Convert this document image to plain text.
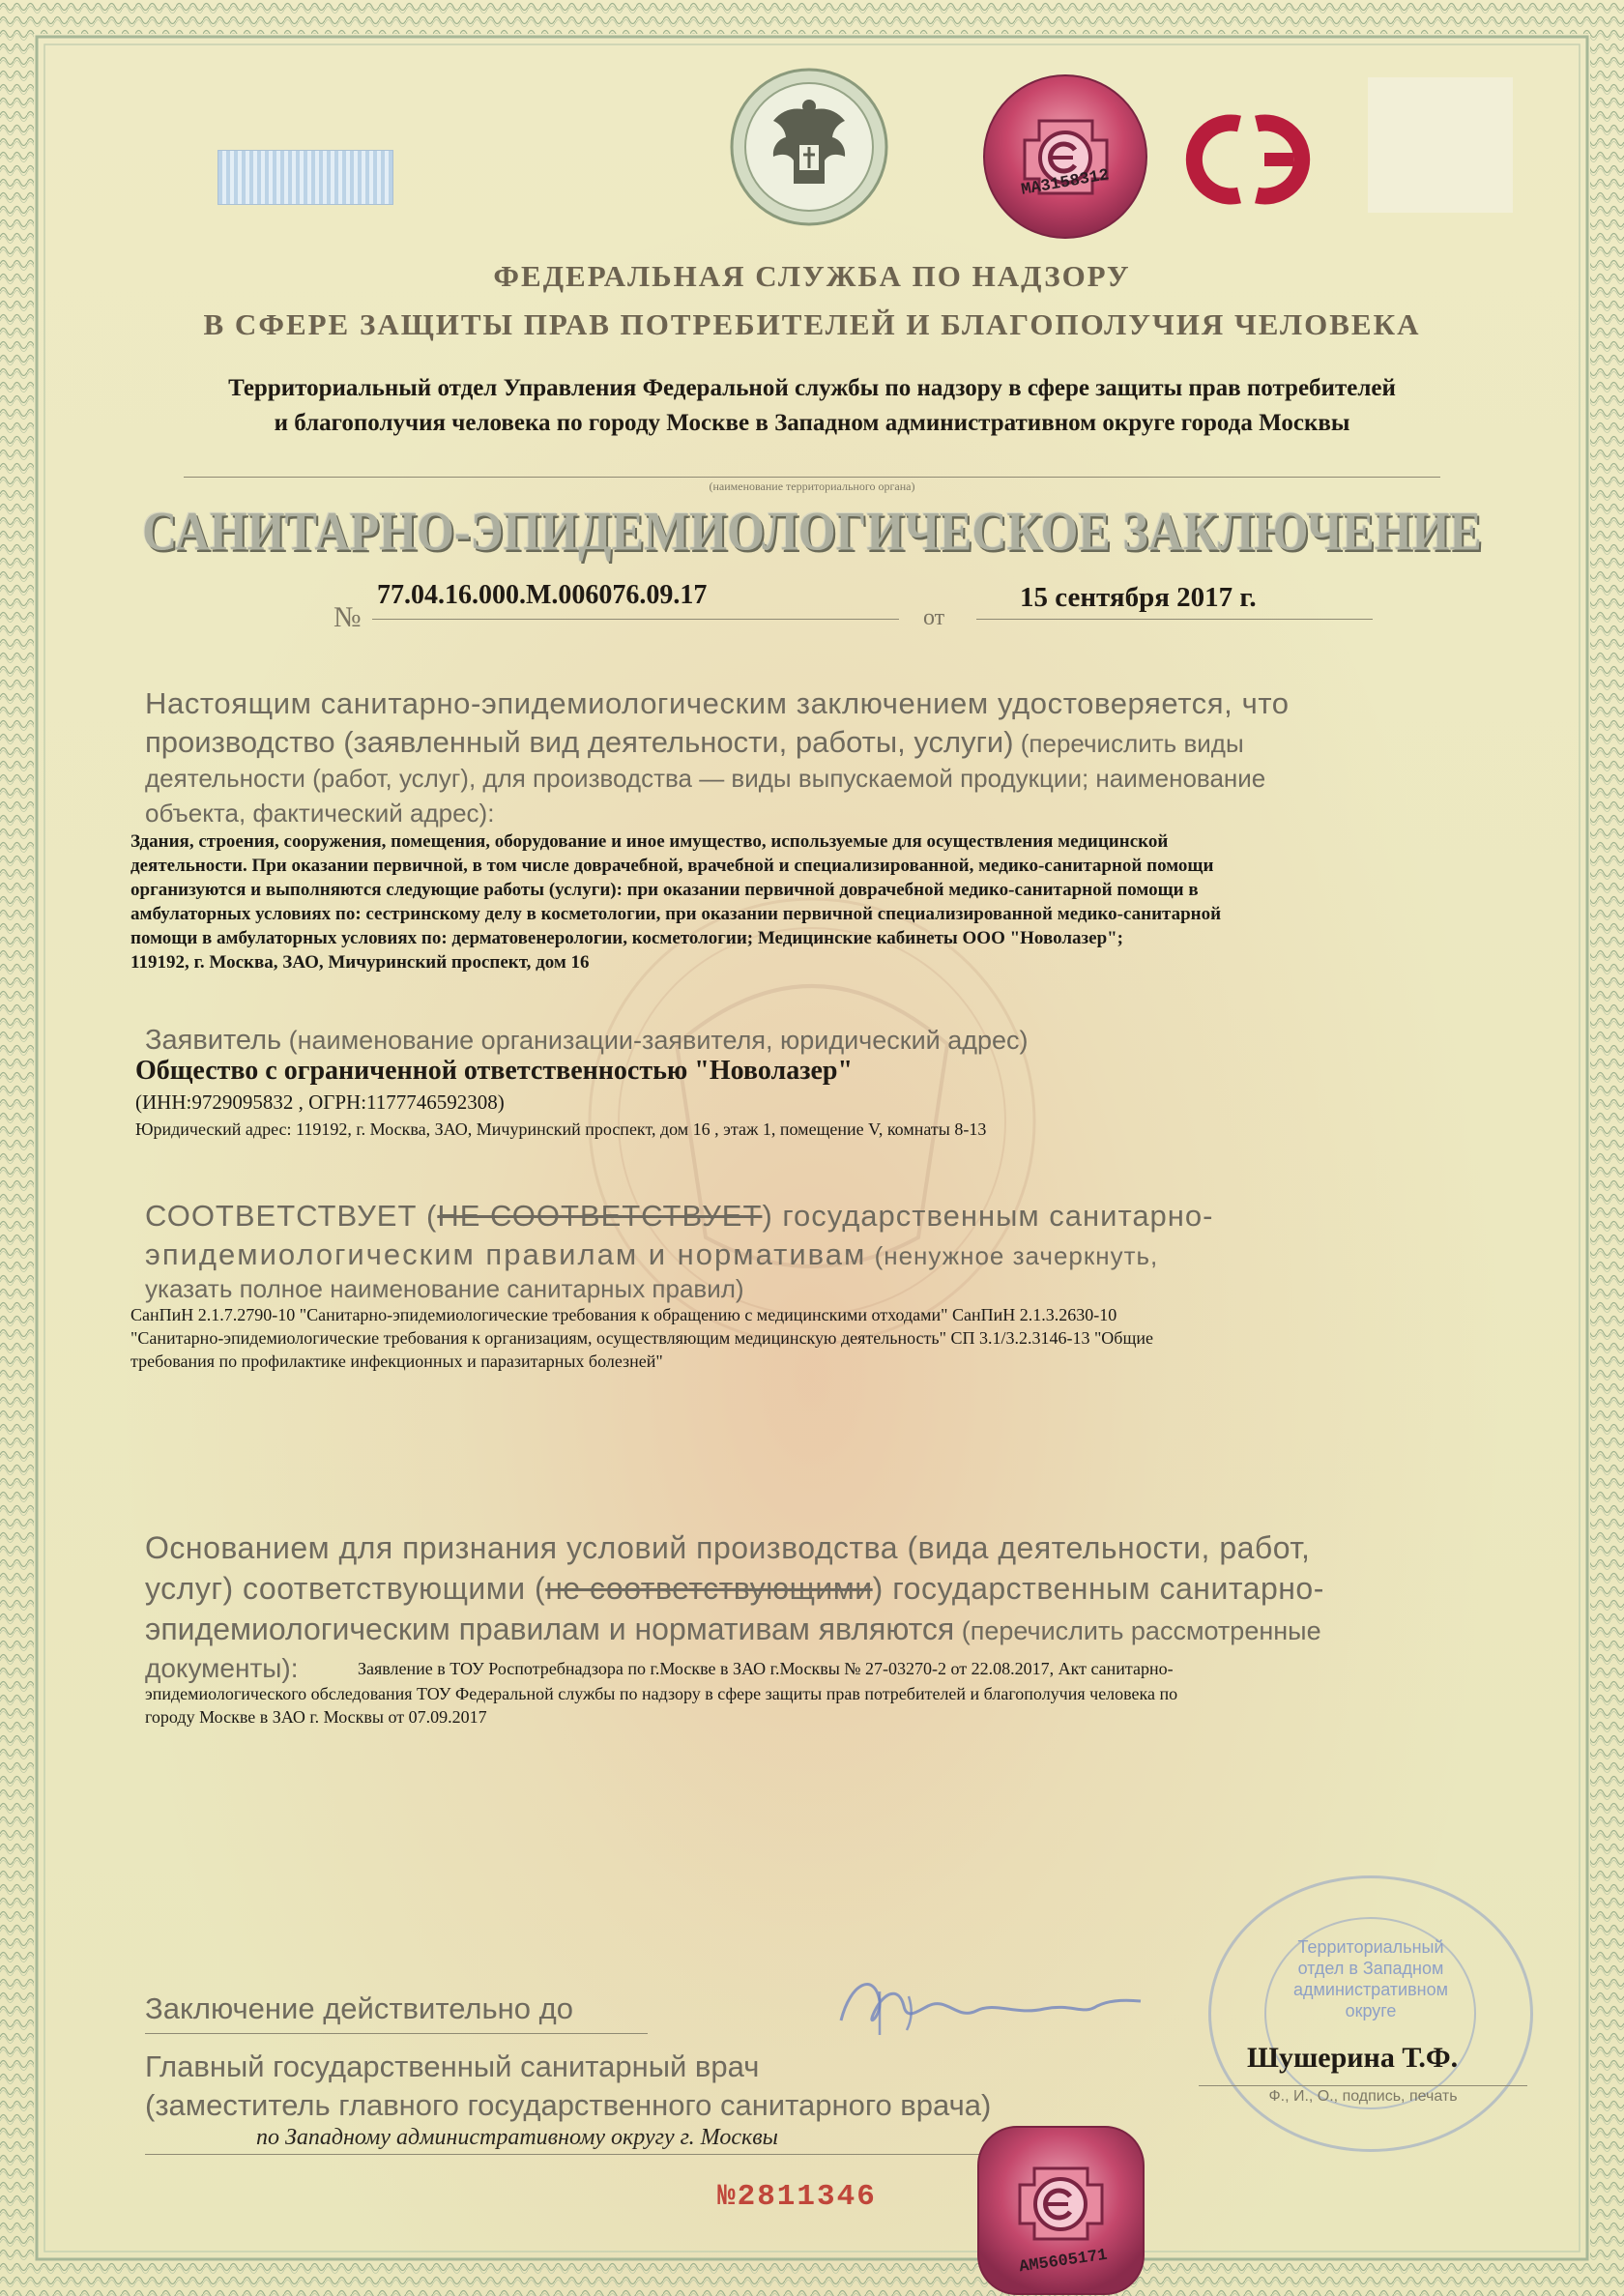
МА3158312
ФЕДЕРАЛЬНАЯ СЛУЖБА ПО НАДЗОРУ
В СФЕРЕ ЗАЩИТЫ ПРАВ ПОТРЕБИТЕЛЕЙ И БЛАГОПОЛУЧИЯ ЧЕЛОВЕКА
Территориальный отдел Управления Федеральной службы по надзору в сфере защиты прав потребителей
и благополучия человека по городу Москве в Западном административном округе города Москвы
(наименование территориального органа)
САНИТАРНО-ЭПИДЕМИОЛОГИЧЕСКОЕ ЗАКЛЮЧЕНИЕ
№
77.04.16.000.М.006076.09.17
от
15 сентября 2017 г.
Настоящим санитарно-эпидемиологическим заключением удостоверяется, что
производство (заявленный вид деятельности, работы, услуги) (перечислить виды
деятельности (работ, услуг), для производства — виды выпускаемой продукции; наименование
объекта, фактический адрес):
Здания, строения, сооружения, помещения, оборудование и иное имущество, используемые для осуществления медицинской
деятельности. При оказании первичной, в том числе доврачебной, врачебной и специализированной, медико-санитарной помощи
организуются и выполняются следующие работы (услуги): при оказании первичной доврачебной медико-санитарной помощи в
амбулаторных условиях по: сестринскому делу в косметологии, при оказании первичной специализированной медико-санитарной
помощи в амбулаторных условиях по: дерматовенерологии, косметологии; Медицинские кабинеты ООО "Новолазер";
119192, г. Москва, ЗАО, Мичуринский проспект, дом 16
Заявитель (наименование организации-заявителя, юридический адрес)
Общество с ограниченной ответственностью "Новолазер"
(ИНН:9729095832 , ОГРН:1177746592308)
Юридический адрес: 119192, г. Москва, ЗАО, Мичуринский проспект, дом 16 , этаж 1, помещение V, комнаты 8-13
СООТВЕТСТВУЕТ (НЕ СООТВЕТСТВУЕТ) государственным санитарно-
эпидемиологическим правилам и нормативам (ненужное зачеркнуть,
указать полное наименование санитарных правил)
СанПиН 2.1.7.2790-10 "Санитарно-эпидемиологические требования к обращению с медицинскими отходами" СанПиН 2.1.3.2630-10
"Санитарно-эпидемиологические требования к организациям, осуществляющим медицинскую деятельность" СП 3.1/3.2.3146-13 "Общие
требования по профилактике инфекционных и паразитарных болезней"
Основанием для признания условий производства (вида деятельности, работ,
услуг) соответствующими (не соответствующими) государственным санитарно-
эпидемиологическим правилам и нормативам являются (перечислить рассмотренные
документы):	Заявление в ТОУ Роспотребнадзора по г.Москве в ЗАО г.Москвы № 27-03270-2 от 22.08.2017, Акт санитарно-
эпидемиологического обследования ТОУ Федеральной службы по надзору в сфере защиты прав потребителей и благополучия человека по
городу Москве в ЗАО г. Москвы от 07.09.2017
Заключение действительно до
Главный государственный санитарный врач
(заместитель главного государственного санитарного врача)
по Западному административному округу г. Москвы
Территориальный
отдел в Западном
административном
округе
Шушерина Т.Ф.
Ф., И., О., подпись, печать
№2811346
АМ5605171
